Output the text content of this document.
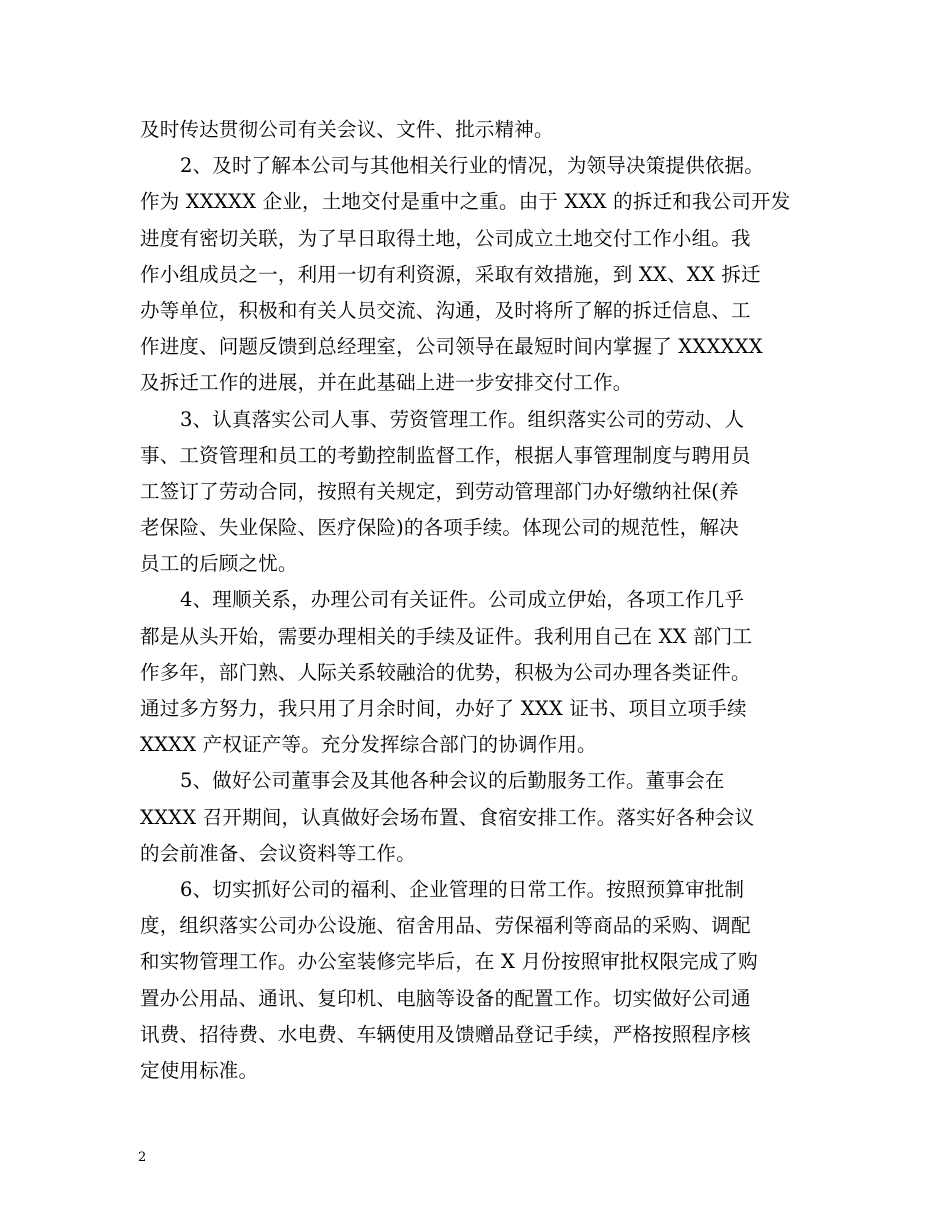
及时传达贯彻公司有关会议、文件、批示精神。
2、及时了解本公司与其他相关行业的情况，为领导决策提供依据。
作为 XXXXX 企业，土地交付是重中之重。由于 XXX 的拆迁和我公司开发
进度有密切关联，为了早日取得土地，公司成立土地交付工作小组。我
作小组成员之一，利用一切有利资源，采取有效措施，到 XX、XX 拆迁
办等单位，积极和有关人员交流、沟通，及时将所了解的拆迁信息、工
作进度、问题反馈到总经理室，公司领导在最短时间内掌握了 XXXXXX
及拆迁工作的进展，并在此基础上进一步安排交付工作。
3、认真落实公司人事、劳资管理工作。组织落实公司的劳动、人
事、工资管理和员工的考勤控制监督工作，根据人事管理制度与聘用员
工签订了劳动合同，按照有关规定，到劳动管理部门办好缴纳社保(养
老保险、失业保险、医疗保险)的各项手续。体现公司的规范性，解决
员工的后顾之忧。
4、理顺关系，办理公司有关证件。公司成立伊始，各项工作几乎
都是从头开始，需要办理相关的手续及证件。我利用自己在 XX 部门工
作多年，部门熟、人际关系较融洽的优势，积极为公司办理各类证件。
通过多方努力，我只用了月余时间，办好了 XXX 证书、项目立项手续
XXXX 产权证产等。充分发挥综合部门的协调作用。
5、做好公司董事会及其他各种会议的后勤服务工作。董事会在
XXXX 召开期间，认真做好会场布置、食宿安排工作。落实好各种会议
的会前准备、会议资料等工作。
6、切实抓好公司的福利、企业管理的日常工作。按照预算审批制
度，组织落实公司办公设施、宿舍用品、劳保福利等商品的采购、调配
和实物管理工作。办公室装修完毕后，在 X 月份按照审批权限完成了购
置办公用品、通讯、复印机、电脑等设备的配置工作。切实做好公司通
讯费、招待费、水电费、车辆使用及馈赠品登记手续，严格按照程序核
定使用标准。
2
